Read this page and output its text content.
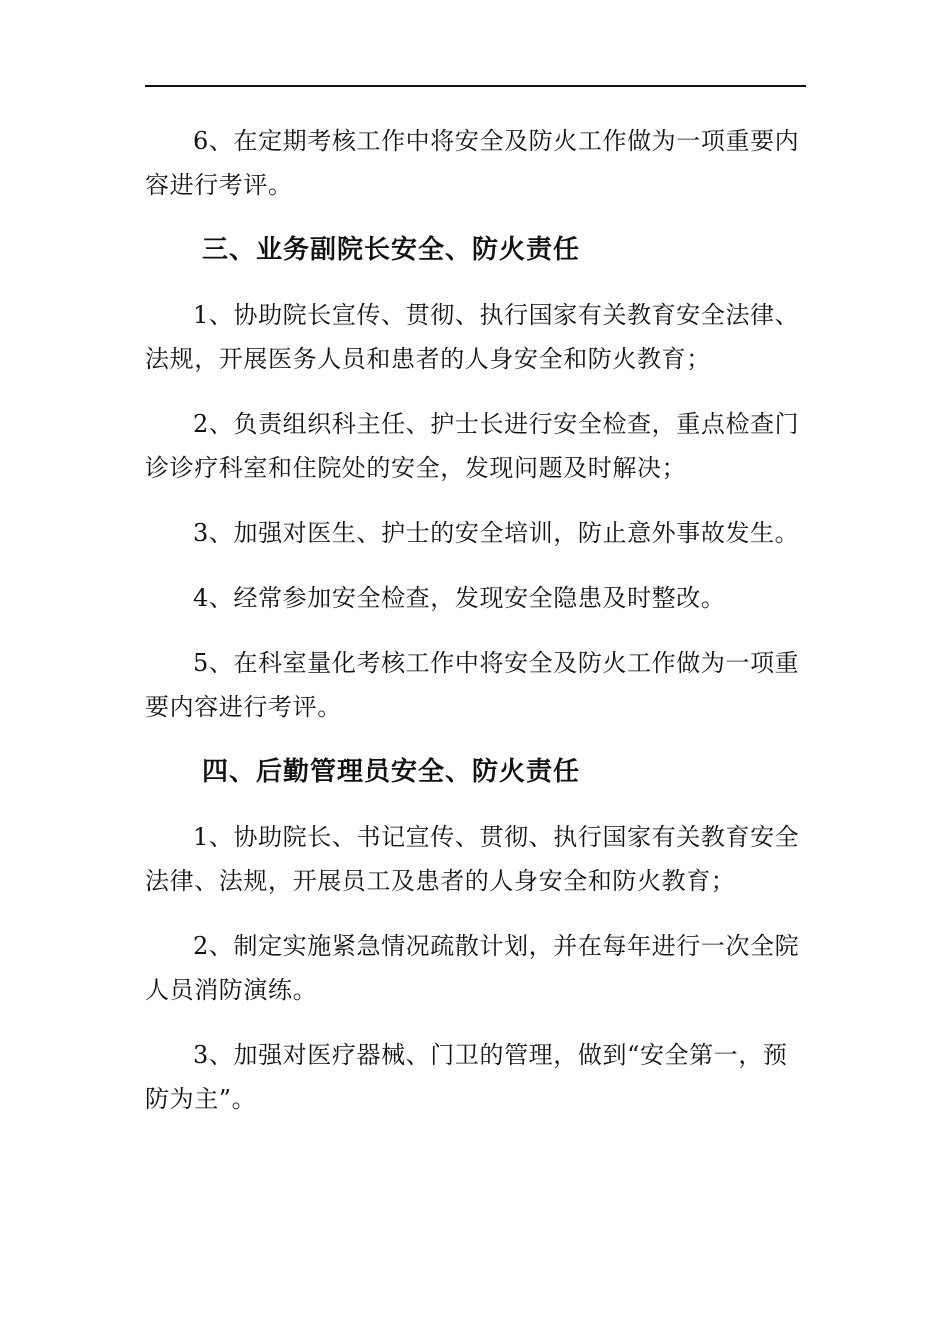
6、在定期考核工作中将安全及防火工作做为一项重要内容进行考评。

三、业务副院长安全、防火责任

1、协助院长宣传、贯彻、执行国家有关教育安全法律、法规，开展医务人员和患者的人身安全和防火教育；

2、负责组织科主任、护士长进行安全检查，重点检查门诊诊疗科室和住院处的安全，发现问题及时解决；

3、加强对医生、护士的安全培训，防止意外事故发生。

4、经常参加安全检查，发现安全隐患及时整改。

5、在科室量化考核工作中将安全及防火工作做为一项重要内容进行考评。

四、后勤管理员安全、防火责任

1、协助院长、书记宣传、贯彻、执行国家有关教育安全法律、法规，开展员工及患者的人身安全和防火教育；

2、制定实施紧急情况疏散计划，并在每年进行一次全院人员消防演练。

3、加强对医疗器械、门卫的管理，做到“安全第一，预防为主”。
